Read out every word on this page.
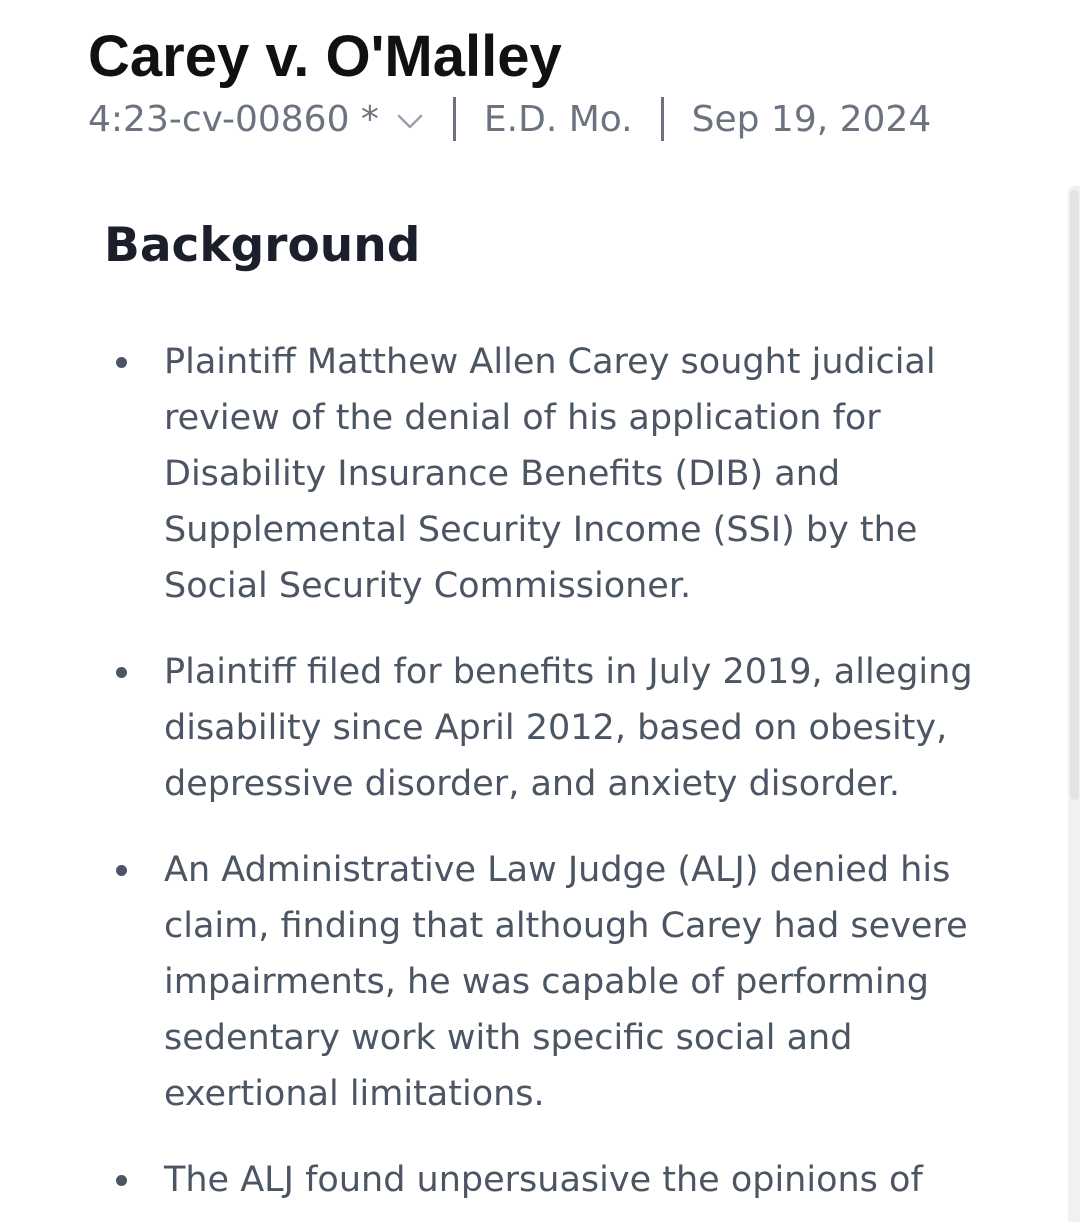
Carey v. O'Malley
4:23-cv-00860 *	E.D. Mo. Sep 19, 2024
Background
Plaintiff Matthew Allen Carey sought judicial review of the denial of his application for Disability Insurance Benefits (DIB) and Supplemental Security Income (SSI) by the Social Security Commissioner.
Plaintiff filed for benefits in July 2019, alleging disability since April 2012, based on obesity, depressive disorder, and anxiety disorder.
An Administrative Law Judge (ALJ) denied his claim, finding that although Carey had severe impairments, he was capable of performing sedentary work with specific social and exertional limitations.
The ALJ found unpersuasive the opinions of
